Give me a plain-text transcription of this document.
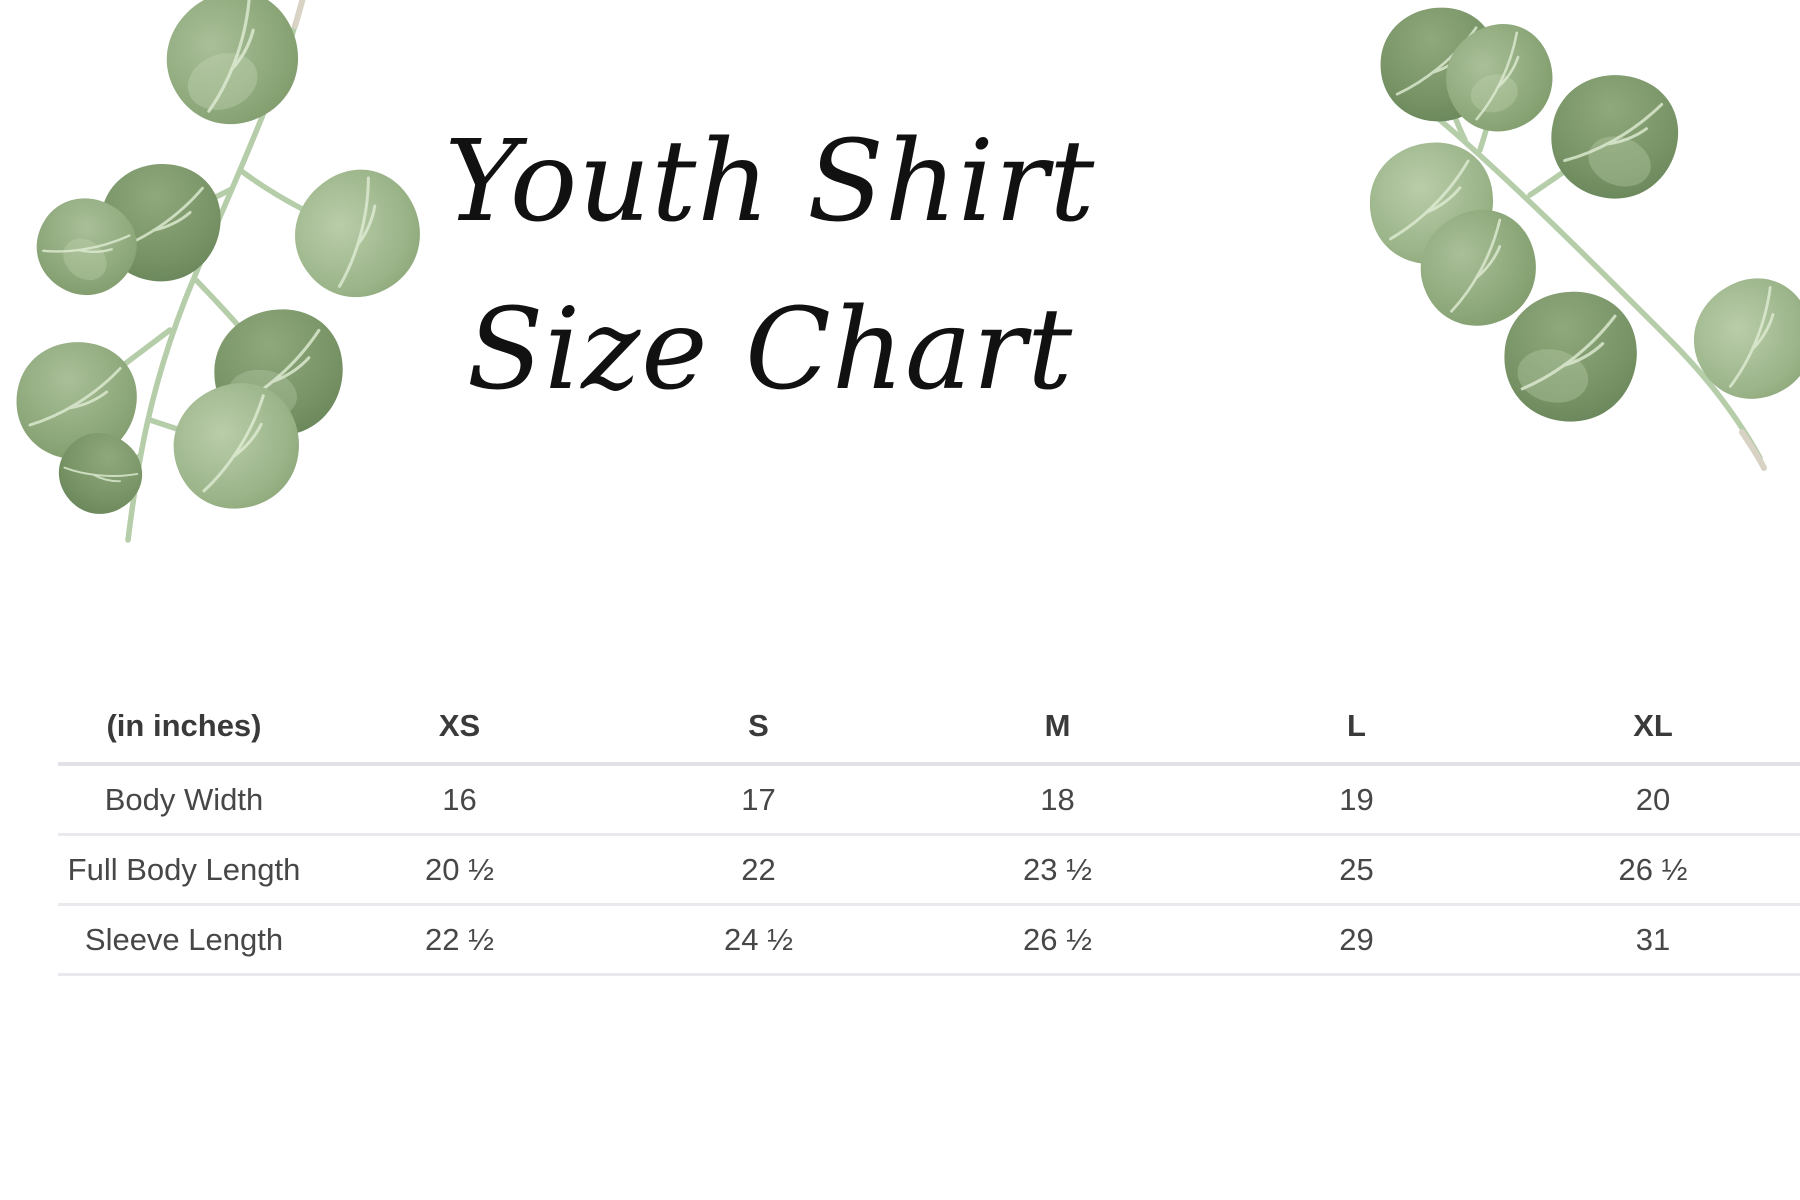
Youth Shirt
Size Chart
(in inches)	XS	S	M	L	XL
Body Width	16	17	18	19	20
Full Body Length	20 ½	22	23 ½	25	26 ½
Sleeve Length	22 ½	24 ½	26 ½	29	31
